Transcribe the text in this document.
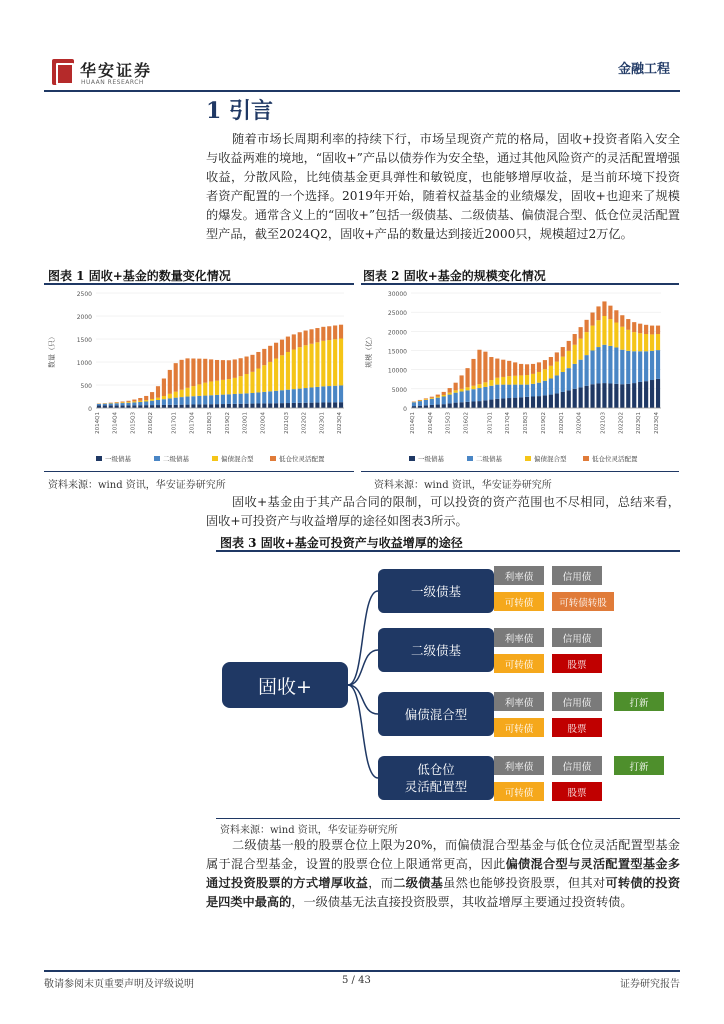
华安证券
HUAAN RESEARCH
金融工程
1 引言
随着市场长周期利率的持续下行，市场呈现资产荒的格局，固收+投资者陷入安全与收益两难的境地，“固收+”产品以债券作为安全垫，通过其他风险资产的灵活配置增强收益，分散风险，比纯债基金更具弹性和敏锐度，也能够增厚收益，是当前环境下投资者资产配置的一个选择。2019年开始，随着权益基金的业绩爆发，固收+也迎来了规模的爆发。通常含义上的“固收+”包括一级债基、二级债基、偏债混合型、低仓位灵活配置型产品，截至2024Q2，固收+产品的数量达到接近2000只，规模超过2万亿。
图表 1 固收+基金的数量变化情况
0
500
1000
1500
2000
2500
数量（只）
2014Q1 2014Q4 2015Q3 2016Q2	2017Q1 2017Q4 2018Q3 2019Q2 2020Q1 2020Q4	2021Q3 2022Q2 2023Q1 2023Q4
一级债基	二级债基	偏债混合型	低仓位灵活配置
资料来源：wind 资讯，华安证券研究所
图表 2 固收+基金的规模变化情况
0
5000
10000
15000
20000
25000
30000
规模（亿）
2014Q1 2014Q4 2015Q3 2016Q2	2017Q1 2017Q4 2018Q3 2019Q2 2020Q1 2020Q4	2021Q3 2022Q2 2023Q1 2023Q4
一级债基	二级债基	偏债混合型	低仓位灵活配置
资料来源：wind 资讯，华安证券研究所
固收+基金由于其产品合同的限制，可以投资的资产范围也不尽相同，总结来看，固收+可投资产与收益增厚的途径如图表3所示。
图表 3 固收+基金可投资产与收益增厚的途径
固收+
一级债基
利率债	信用债
可转债	可转债转股
二级债基
利率债	信用债
可转债	股票
偏债混合型
利率债	信用债	打新
可转债	股票
低仓位
灵活配置型
利率债	信用债	打新
可转债	股票
资料来源：wind 资讯，华安证券研究所
二级债基一般的股票仓位上限为20%，而偏债混合型基金与低仓位灵活配置型基金属于混合型基金，设置的股票仓位上限通常更高，因此偏债混合型与灵活配置型基金多通过投资股票的方式增厚收益，而二级债基虽然也能够投资股票，但其对可转债的投资是四类中最高的，一级债基无法直接投资股票，其收益增厚主要通过投资转债。
敬请参阅末页重要声明及评级说明	5 / 43	证券研究报告
